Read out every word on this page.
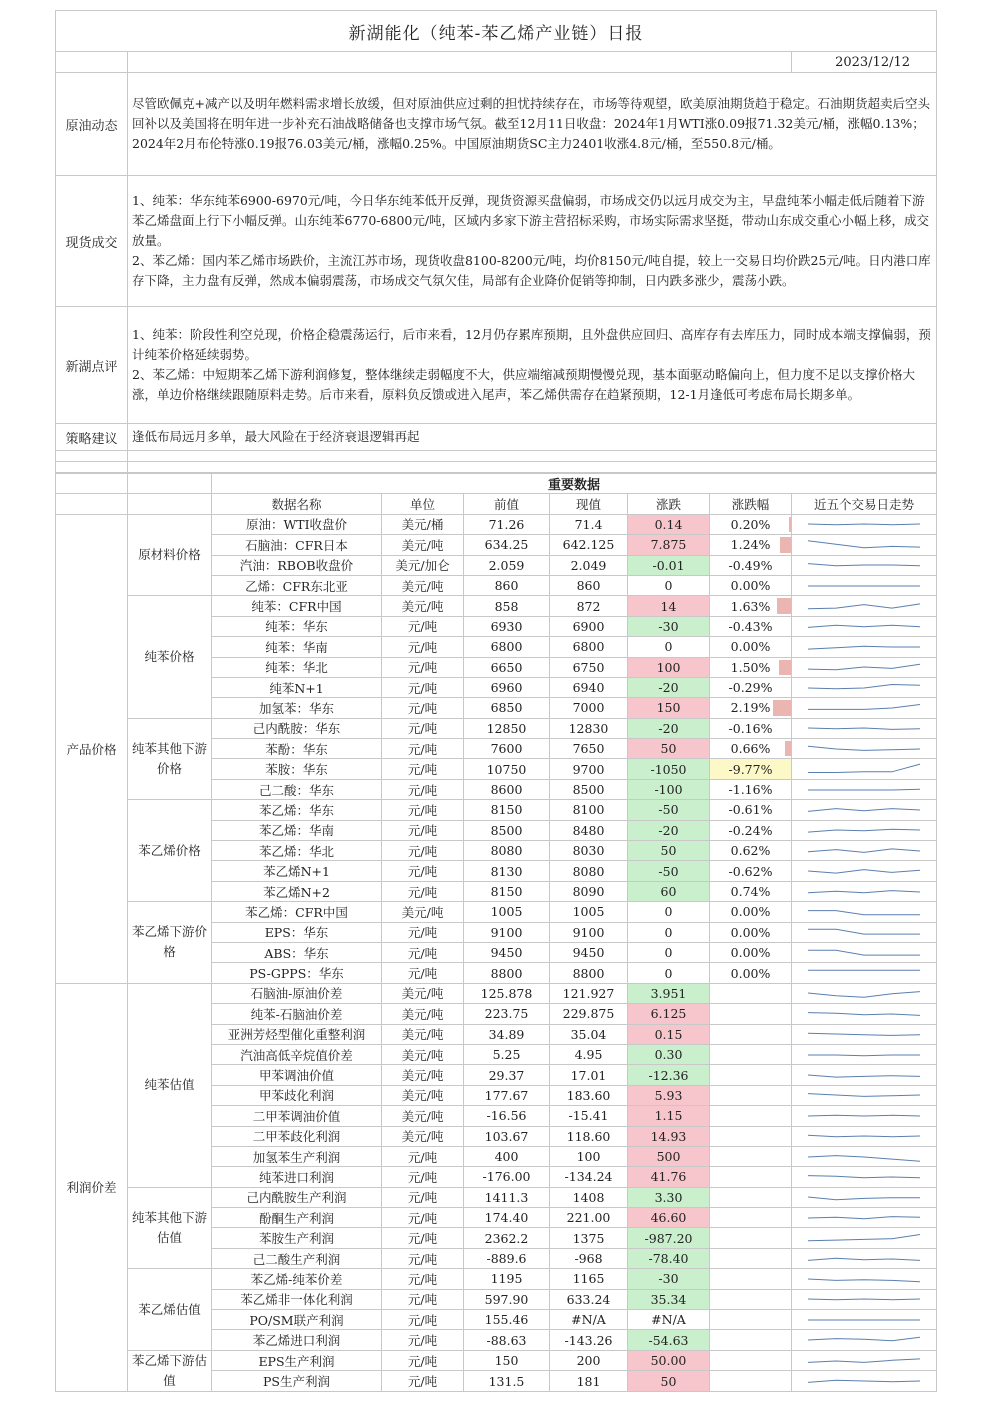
新湖能化（纯苯-苯乙烯产业链）日报		
		2023/12/12
原油动态	尽管欧佩克+减产以及明年燃料需求增长放缓，但对原油供应过剩的担忧持续存在，市场等待观望，欧美原油期货趋于稳定。石油期货超卖后空头回补以及美国将在明年进一步补充石油战略储备也支撑市场气氛。截至12月11日收盘：2024年1月WTI涨0.09报71.32美元/桶，涨幅0.13%；2024年2月布伦特涨0.19报76.03美元/桶，涨幅0.25%。中国原油期货SC主力2401收涨4.8元/桶，至550.8元/桶。	
现货成交	1、纯苯：华东纯苯6900-6970元/吨，今日华东纯苯低开反弹，现货资源买盘偏弱，市场成交仍以远月成交为主，早盘纯苯小幅走低后随着下游苯乙烯盘面上行下小幅反弹。山东纯苯6770-6800元/吨，区域内多家下游主营招标采购，市场实际需求坚挺，带动山东成交重心小幅上移，成交放量。

2、苯乙烯：国内苯乙烯市场跌价，主流江苏市场，现货收盘8100-8200元/吨，均价8150元/吨自提，较上一交易日均价跌25元/吨。日内港口库存下降，主力盘有反弹，然成本偏弱震荡，市场成交气氛欠佳，局部有企业降价促销等抑制，日内跌多涨少，震荡小跌。	

新湖点评	1、纯苯：阶段性利空兑现，价格企稳震荡运行，后市来看，12月仍存累库预期，且外盘供应回归、高库存有去库压力，同时成本端支撑偏弱，预计纯苯价格延续弱势。

2、苯乙烯：中短期苯乙烯下游利润修复，整体继续走弱幅度不大，供应端缩减预期慢慢兑现，基本面驱动略偏向上，但力度不足以支撑价格大涨，单边价格继续跟随原料走势。后市来看，原料负反馈或进入尾声，苯乙烯供需存在趋紧预期，12-1月逢低可考虑布局长期多单。	

策略建议	逢低布局远月多单，最大风险在于经济衰退逻辑再起	

		重要数据						
		数据名称	单位	前值	现值	涨跌	涨跌幅	近五个交易日走势
产品价格	原材料价格	原油：WTI收盘价	美元/桶	71.26	71.4	0.14	0.20%	

		石脑油：CFR日本	美元/吨	634.25	642.125	7.875	1.24%	

		汽油：RBOB收盘价	美元/加仑	2.059	2.049	-0.01	-0.49%	

		乙烯：CFR东北亚	美元/吨	860	860	0	0.00%	

	纯苯价格	纯苯：CFR中国	美元/吨	858	872	14	1.63%	

		纯苯：华东	元/吨	6930	6900	-30	-0.43%	

		纯苯：华南	元/吨	6800	6800	0	0.00%	

		纯苯：华北	元/吨	6650	6750	100	1.50%	

		纯苯N+1	元/吨	6960	6940	-20	-0.29%	

		加氢苯：华东	元/吨	6850	7000	150	2.19%	

	纯苯其他下游价格	己内酰胺：华东	元/吨	12850	12830	-20	-0.16%	

		苯酚：华东	元/吨	7600	7650	50	0.66%	

		苯胺：华东	元/吨	10750	9700	-1050	-9.77%	

		己二酸：华东	元/吨	8600	8500	-100	-1.16%	

	苯乙烯价格	苯乙烯：华东	元/吨	8150	8100	-50	-0.61%	

		苯乙烯：华南	元/吨	8500	8480	-20	-0.24%	

		苯乙烯：华北	元/吨	8080	8030	50	0.62%	

		苯乙烯N+1	元/吨	8130	8080	-50	-0.62%	

		苯乙烯N+2	元/吨	8150	8090	60	0.74%	

	苯乙烯下游价格	苯乙烯：CFR中国	美元/吨	1005	1005	0	0.00%	

		EPS：华东	元/吨	9100	9100	0	0.00%	

		ABS：华东	元/吨	9450	9450	0	0.00%	

		PS-GPPS：华东	元/吨	8800	8800	0	0.00%	

利润价差	纯苯估值	石脑油-原油价差	美元/吨	125.878	121.927	3.951	

		纯苯-石脑油价差	美元/吨	223.75	229.875	6.125	

		亚洲芳烃型催化重整利润	美元/吨	34.89	35.04	0.15	

		汽油高低辛烷值价差	美元/吨	5.25	4.95	0.30	

		甲苯调油价值	美元/吨	29.37	17.01	-12.36	

		甲苯歧化利润	美元/吨	177.67	183.60	5.93	

		二甲苯调油价值	美元/吨	-16.56	-15.41	1.15	

		二甲苯歧化利润	美元/吨	103.67	118.60	14.93	

		加氢苯生产利润	元/吨	400	100	500	

		纯苯进口利润	元/吨	-176.00	-134.24	41.76	

	纯苯其他下游估值	己内酰胺生产利润	元/吨	1411.3	1408	3.30	

		酚酮生产利润	元/吨	174.40	221.00	46.60	

		苯胺生产利润	元/吨	2362.2	1375	-987.20	

		己二酸生产利润	元/吨	-889.6	-968	-78.40	

	苯乙烯估值	苯乙烯-纯苯价差	元/吨	1195	1165	-30	

		苯乙烯非一体化利润	元/吨	597.90	633.24	35.34	

		PO/SM联产利润	元/吨	155.46	#N/A	#N/A	

		苯乙烯进口利润	元/吨	-88.63	-143.26	-54.63	

	苯乙烯下游估值	EPS生产利润	元/吨	150	200	50.00	

		PS生产利润	元/吨	131.5	181	50	
